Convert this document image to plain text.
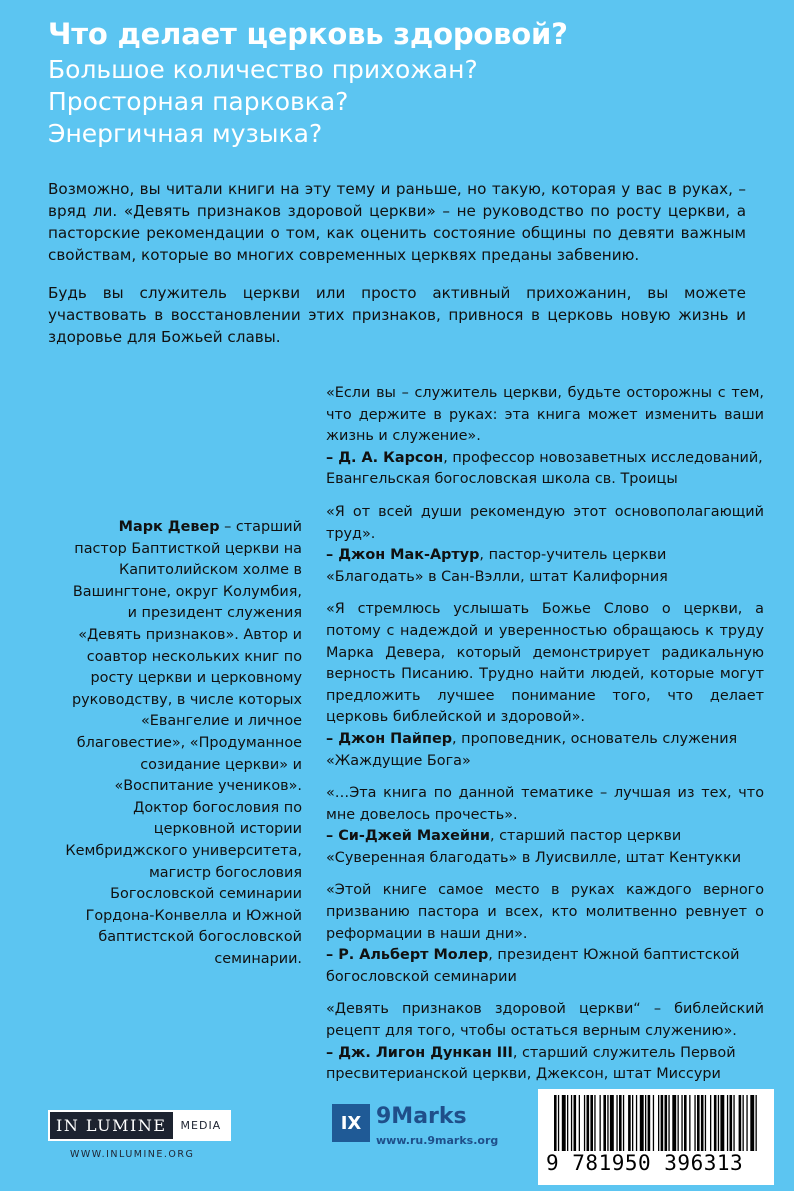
Что делает церковь здоровой?
Большое количество прихожан?
Просторная парковка?
Энергичная музыка?

Возможно, вы читали книги на эту тему и раньше, но такую, которая у вас в руках, – вряд ли. «Девять признаков здоровой церкви» – не руководство по росту церкви, а пасторские рекомендации о том, как оценить состояние общины по девяти важным свойствам, которые во многих современных церквях преданы забвению.

Будь вы служитель церкви или просто активный прихожанин, вы можете участвовать в восстановлении этих признаков, привнося в церковь новую жизнь и здоровье для Божьей славы.

Марк Девер – старший пастор Баптисткой церкви на Капитолийском холме в Вашингтоне, округ Колумбия, и президент служения «Девять признаков». Автор и соавтор нескольких книг по росту церкви и церковному руководству, в числе которых «Евангелие и личное благовестие», «Продуманное созидание церкви» и «Воспитание учеников». Доктор богословия по церковной истории Кембриджского университета, магистр богословия Богословской семинарии Гордона-Конвелла и Южной баптистской богословской семинарии.
«Если вы – служитель церкви, будьте осторожны с тем, что держите в руках: эта книга может изменить ваши жизнь и служение».
– Д. А. Карсон, профессор новозаветных исследований, Евангельская богословская школа св. Троицы
«Я от всей души рекомендую этот основополагающий труд».
– Джон Мак-Артур, пастор-учитель церкви «Благодать» в Сан-Вэлли, штат Калифорния
«Я стремлюсь услышать Божье Слово о церкви, а потому с надеждой и уверенностью обращаюсь к труду Марка Девера, который демонстрирует радикальную верность Писанию. Трудно найти людей, которые могут предложить лучшее понимание того, что делает церковь библейской и здоровой».
– Джон Пайпер, проповедник, основатель служения «Жаждущие Бога»
«…Эта книга по данной тематике – лучшая из тех, что мне довелось прочесть».
– Си-Джей Махейни, старший пастор церкви «Суверенная благодать» в Луисвилле, штат Кентукки
«Этой книге самое место в руках каждого верного призванию пастора и всех, кто молитвенно ревнует о реформации в наши дни».
– Р. Альберт Молер, президент Южной баптистской богословской семинарии
«Девять признаков здоровой церкви“ – библейский рецепт для того, чтобы остаться верным служению».
– Дж. Лигон Дункан III, старший служитель Первой пресвитерианской церкви, Джексон, штат Миссури
IN LUMINE	MEDIA
WWW.INLUMINE.ORG
IX 9Marks
www.ru.9marks.org
9 781950 396313
